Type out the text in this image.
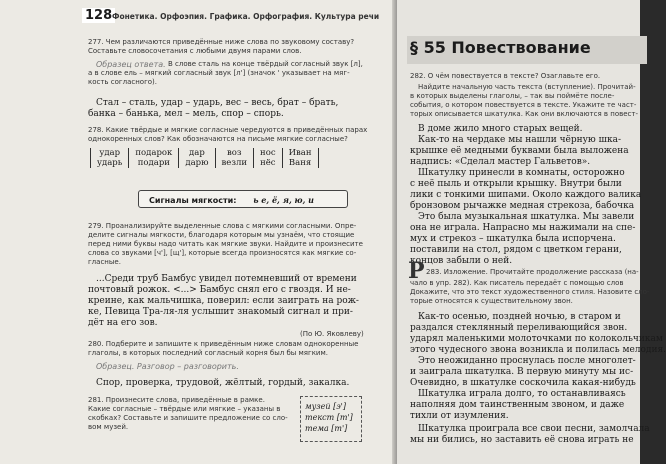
128 Фонетика. Орфоэпия. Графика. Орфография. Культура речи
277. Чем различаются приведённые ниже слова по звуковому составу?
Составьте словосочетания с любыми двумя парами слов.
Образец ответа. В слове сталь на конце твёрдый согласный звук [л],
а в слове ель – мягкий согласный звук [л'] (значок ' указывает на мяг-
кость согласного).
Стал – сталь, удар – ударь, вес – весь, брат – брать,
банка – банька, мел – мель, спор – спорь.
278. Какие твёрдые и мягкие согласные чередуются в приведённых парах
однокоренных слов? Как обозначаются на письме мягкие согласные?
удар	подарок	дар	воз	нос	Иван
ударь	подари	дарю	везли	нёс	Ваня
Сигналы мягкости: ь е, ё, я, ю, и
279. Проанализируйте выделенные слова с мягкими согласными. Опре-
делите сигналы мягкости, благодаря которым мы узнаём, что стоящие
перед ними буквы надо читать как мягкие звуки. Найдите и произнесите
слова со звуками [ч'], [щ'], которые всегда произносятся как мягкие со-
гласные.
...Среди труб Бамбус увидел потемневший от времени
почтовый рожок. <...> Бамбус снял его с гвоздя. И не-
креине, как мальчишка, поверил: если заиграть на рож-
ке, Певица Тра-ля-ля услышит знакомый сигнал и при-
дёт на его зов.
(По Ю. Яковлеву)
280. Подберите и запишите к приведённым ниже словам однокоренные
глаголы, в которых последний согласный корня был бы мягким.
Образец. Разговор – разговорить.
Спор, проверка, трудовой, жёлтый, гордый, закалка.
281. Произнесите слова, приведённые в рамке.
Какие согласные – твёрдые или мягкие – указаны в
скобках? Составьте и запишите предложение со сло-
вом музей.
музей [э']
текст [т']
тема [т']
§ 55 Повествование
282. О чём повествуется в тексте? Озаглавьте его.
Найдите начальную часть текста (вступление). Прочитай-
в которых выделены глаголы, – так вы поймёте после-
события, о котором повествуется в тексте. Укажите те част-
торых описывается шкатулка. Как они включаются в повест-
В доме жило много старых вещей.
Как-то на чердаке мы нашли чёрную шка-
крышке её медными буквами была выложена
надпись: «Сделал мастер Гальветов».
Шкатулку принесли в комнаты, осторожно
с неё пыль и открыли крышку. Внутри были
лики с тонкими шипами. Около каждого валика
бронзовом рычажке медная стрекоза, бабочка
Это была музыкальная шкатулка. Мы завели
она не играла. Напрасно мы нажимали на спе-
мух и стрекоз – шкатулка была испорчена.
поставили на стол, рядом с цветком герани,
концов забыли о ней.
P 283. Изложение. Прочитайте продолжение рассказа (на-
чало в упр. 282). Как писатель передаёт с помощью слов
Докажите, что это текст художественного стиля. Назовите сло-
торые относятся к существительному звон.
Как-то осенью, поздней ночью, в старом и
раздался стеклянный переливающийся звон.
ударял маленькими молоточками по колокольчикам
этого чудесного звона возникла и полилась мелодия.
Это неожиданно проснулась после многолет-
и заиграла шкатулка. В первую минуту мы ис-
Очевидно, в шкатулке соскочила какая-нибудь
Шкатулка играла долго, то останавливаясь
наполняя дом таинственным звоном, и даже
тихли от изумления.
Шкатулка проиграла все свои песни, замолчала
мы ни бились, но заставить её снова играть не
